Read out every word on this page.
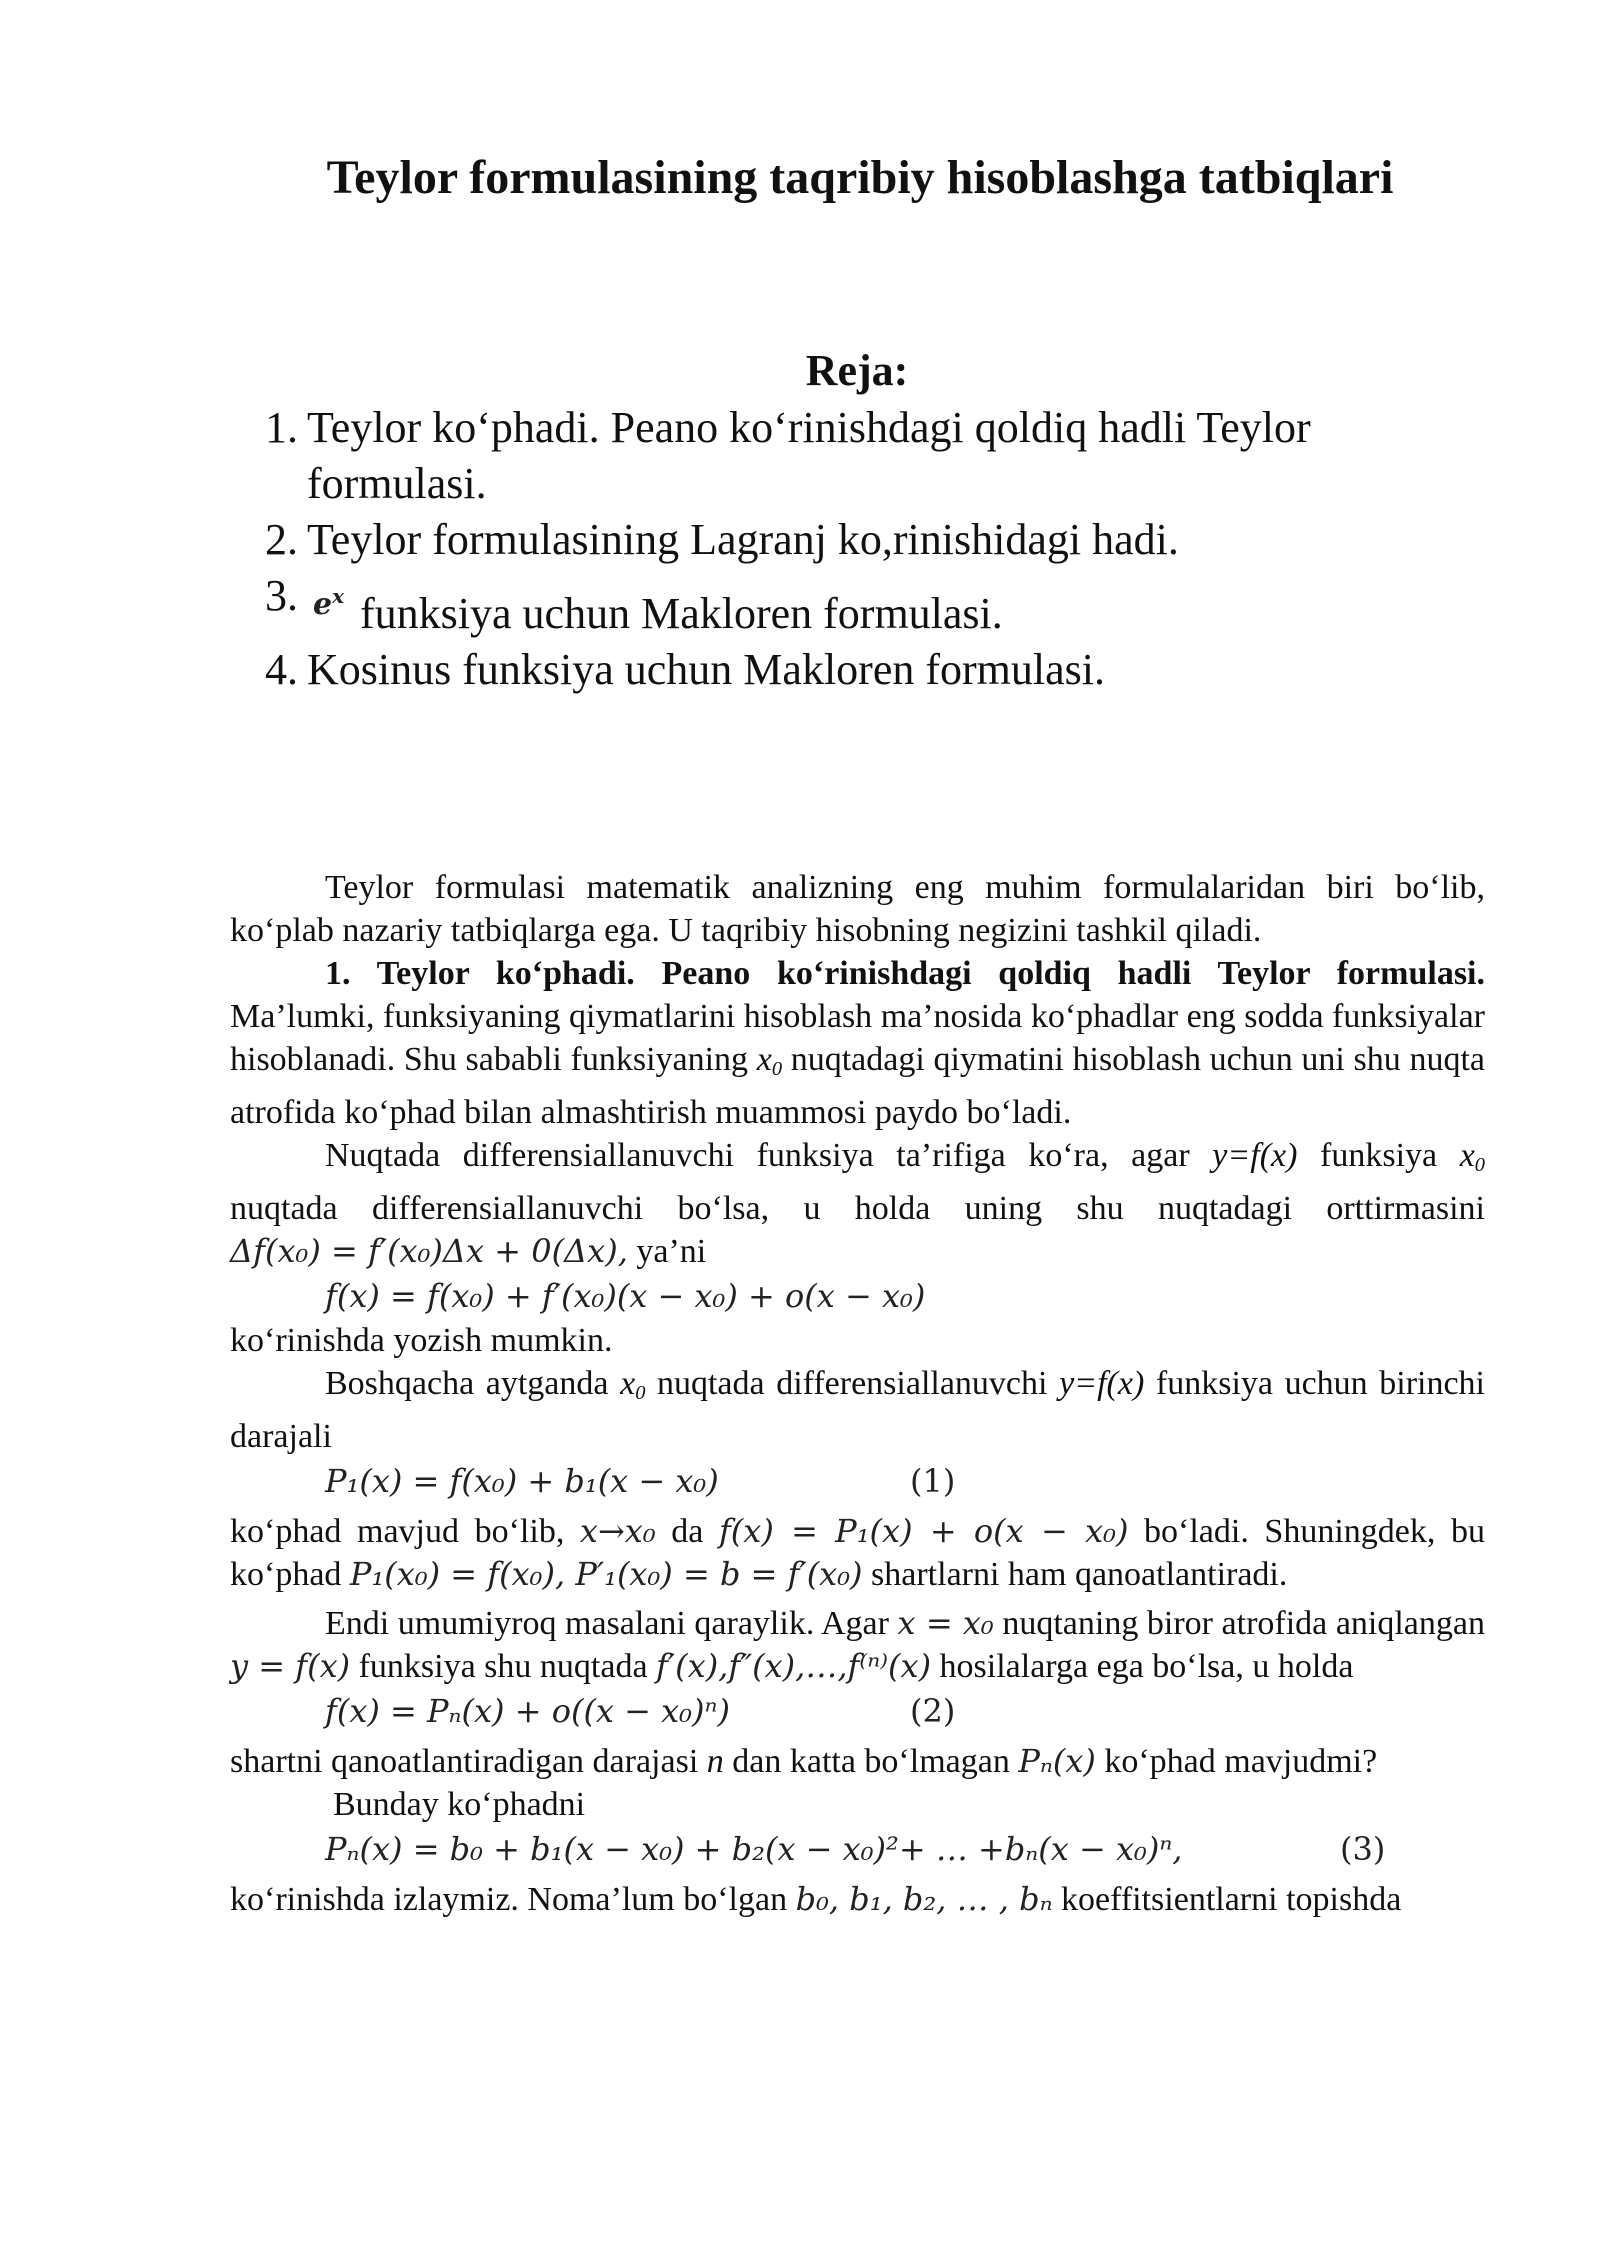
Teylor formulasining taqribiy hisoblashga tatbiqlari
Reja:
1. Teylor ko‘phadi. Peano ko‘rinishdagi qoldiq hadli Teylor formulasi.
2. Teylor formulasining Lagranj ko,rinishidagi hadi.
3. $^{e^x}$ funksiya uchun Makloren formulasi.
4. Kosinus funksiya uchun Makloren formulasi.

Teylor formulasi matematik analizning eng muhim formulalaridan biri bo‘lib, ko‘plab nazariy tatbiqlarga ega. U taqribiy hisobning negizini tashkil qiladi.

1. Teylor ko‘phadi. Peano ko‘rinishdagi qoldiq hadli Teylor formulasi. Ma’lumki, funksiyaning qiymatlarini hisoblash ma’nosida ko‘phadlar eng sodda funksiyalar hisoblanadi. Shu sababli funksiyaning $x_0$ nuqtadagi qiymatini hisoblash uchun uni shu nuqta atrofida ko‘phad bilan almashtirish muammosi paydo bo‘ladi.

Nuqtada differensiallanuvchi funksiya ta’rifiga ko‘ra, agar y=f(x) funksiya $x_0$ nuqtada differensiallanuvchi bo‘lsa, u holda uning shu nuqtadagi orttirmasini Δf(x₀) = f′(x₀)Δx + 0(Δx), ya’ni

f(x) = f(x₀) + f′(x₀)(x − x₀) + o(x − x₀)

ko‘rinishda yozish mumkin.

Boshqacha aytganda $x_0$ nuqtada differensiallanuvchi y=f(x) funksiya uchun birinchi darajali

P₁(x) = f(x₀) + b₁(x − x₀)	(1)

ko‘phad mavjud bo‘lib, x→x₀ da f(x) = P₁(x) + o(x − x₀) bo‘ladi. Shuningdek, bu ko‘phad P₁(x₀) = f(x₀), P′₁(x₀) = b = f′(x₀) shartlarni ham qanoatlantiradi.

Endi umumiyroq masalani qaraylik. Agar x = x₀ nuqtaning biror atrofida aniqlangan y = f(x) funksiya shu nuqtada f′(x),f″(x),…,f⁽ⁿ⁾(x) hosilalarga ega bo‘lsa, u holda

f(x) = Pₙ(x) + o((x − x₀)ⁿ)	(2)

shartni qanoatlantiradigan darajasi n dan katta bo‘lmagan Pₙ(x) ko‘phad mavjudmi?

Bunday ko‘phadni

Pₙ(x) = b₀ + b₁(x − x₀) + b₂(x − x₀)²+ … +bₙ(x − x₀)ⁿ,	(3)

ko‘rinishda izlaymiz. Noma’lum bo‘lgan b₀, b₁, b₂, … , bₙ koeffitsientlarni topishda
